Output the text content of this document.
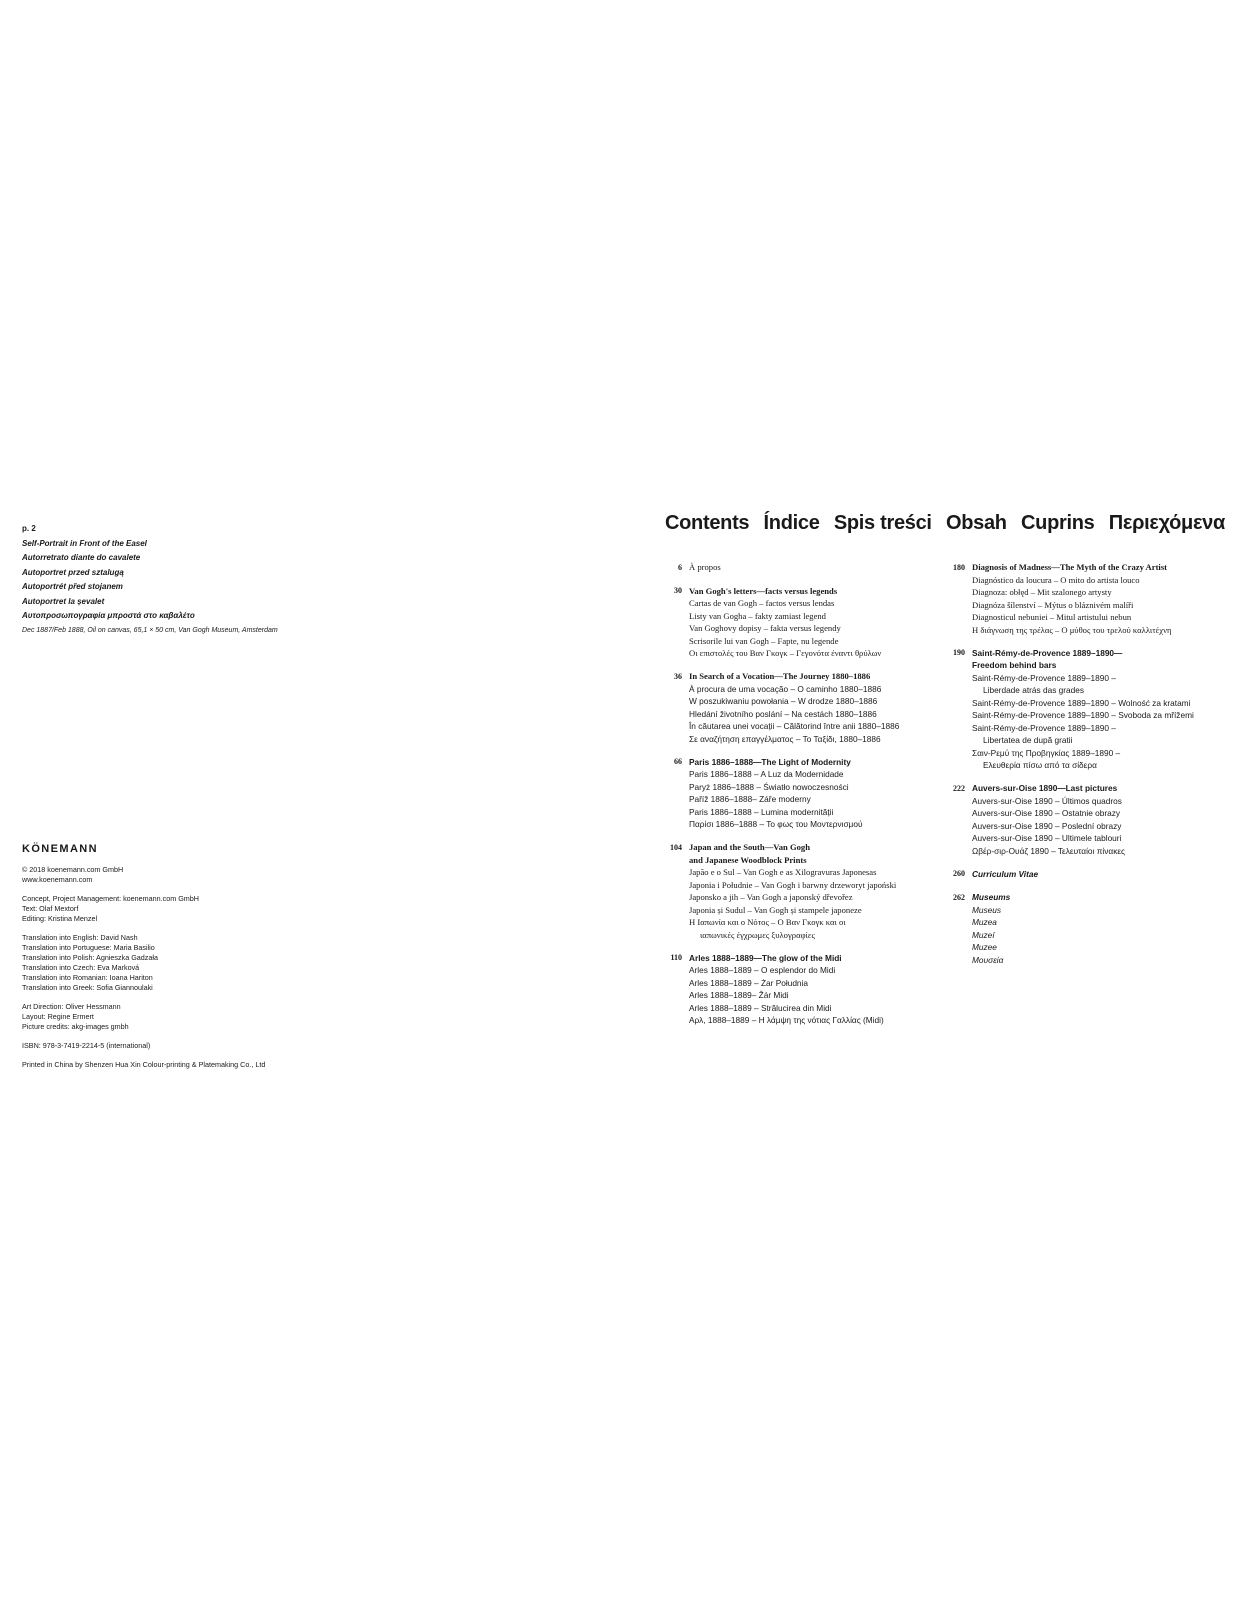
p. 2
Self-Portrait in Front of the Easel
Autorretrato diante do cavalete
Autoportret przed sztalugą
Autoportrét před stojanem
Autoportret la șevalet
Αυτοπροσωπογραφία μπροστά στο καβαλέτο
Dec 1887/Feb 1888, Oil on canvas, 65,1 × 50 cm, Van Gogh Museum, Amsterdam
KÖNEMANN
© 2018 koenemann.com GmbH
www.koenemann.com
Concept, Project Management: koenemann.com GmbH
Text: Olaf Mextorf
Editing: Kristina Menzel
Translation into English: David Nash
Translation into Portuguese: Maria Basilio
Translation into Polish: Agnieszka Gadzała
Translation into Czech: Eva Marková
Translation into Romanian: Ioana Hariton
Translation into Greek: Sofia Giannoulaki
Art Direction: Oliver Hessmann
Layout: Regine Ermert
Picture credits: akg-images gmbh
ISBN: 978-3-7419-2214-5 (international)
Printed in China by Shenzen Hua Xin Colour-printing & Platemaking Co., Ltd
Contents Índice Spis treści Obsah Cuprins Περιεχόμενα
6 À propos
30 Van Gogh's letters—facts versus legends
Cartas de van Gogh – factos versus lendas
Listy van Gogha – fakty zamiast legend
Van Goghovy dopisy – fakta versus legendy
Scrisorile lui van Gogh – Fapte, nu legende
Οι επιστολές του Βαν Γκογκ – Γεγονότα έναντι θρύλων
36 In Search of a Vocation—The Journey 1880–1886
À procura de uma vocação – O caminho 1880–1886
W poszukiwaniu powołania – W drodze 1880–1886
Hledání životního poslání – Na cestách 1880–1886
În căutarea unei vocații – Călătorind între anii 1880–1886
Σε αναζήτηση επαγγέλματος – Το Ταξίδι, 1880–1886
66 Paris 1886–1888—The Light of Modernity
Paris 1886–1888 – A Luz da Modernidade
Paryż 1886–1888 – Światło nowoczesności
Paříž 1886–1888– Záře moderny
Paris 1886–1888 – Lumina modernității
Παρίσι 1886–1888 – Το φως του Μοντερνισμού
104 Japan and the South—Van Gogh
and Japanese Woodblock Prints
Japão e o Sul – Van Gogh e as Xilogravuras Japonesas
Japonia i Południe – Van Gogh i barwny drzeworyt japoński
Japonsko a jih – Van Gogh a japonský dřevořez
Japonia și Sudul – Van Gogh și stampele japoneze
Η Ιαπωνία και ο Νότος – Ο Βαν Γκογκ και οι
ιαπωνικές έγχρωμες ξυλογραφίες
110 Arles 1888–1889—The glow of the Midi
Arles 1888–1889 – O esplendor do Midi
Arles 1888–1889 – Żar Południa
Arles 1888–1889– Žár Midi
Arles 1888–1889 – Strălucirea din Midi
Αρλ, 1888–1889 – Η λάμψη της νότιας Γαλλίας (Midi)
180 Diagnosis of Madness—The Myth of the Crazy Artist
Diagnóstico da loucura – O mito do artista louco
Diagnoza: obłęd – Mit szalonego artysty
Diagnóza šílenství – Mýtus o bláznivém malíři
Diagnosticul nebuniei – Mitul artistului nebun
Η διάγνωση της τρέλας – Ο μύθος του τρελού καλλιτέχνη
190 Saint-Rémy-de-Provence 1889–1890—
Freedom behind bars
Saint-Rémy-de-Provence 1889–1890 –
Liberdade atrás das grades
Saint-Rémy-de-Provence 1889–1890 – Wolność za kratami
Saint-Rémy-de-Provence 1889–1890 – Svoboda za mřížemi
Saint-Rémy-de-Provence 1889–1890 –
Libertatea de după gratii
Σαιν-Ρεμύ της Προβηγκίας 1889–1890 –
Ελευθερία πίσω από τα σίδερα
222 Auvers-sur-Oise 1890—Last pictures
Auvers-sur-Oise 1890 – Últimos quadros
Auvers-sur-Oise 1890 – Ostatnie obrazy
Auvers-sur-Oise 1890 – Poslední obrazy
Auvers-sur-Oise 1890 – Ultimele tablouri
Ωβέρ-σιρ-Ουάζ 1890 – Τελευταίοι πίνακες
260 Curriculum Vitae
262 Museums
Museus
Muzea
Muzeí
Muzee
Μουσεία
